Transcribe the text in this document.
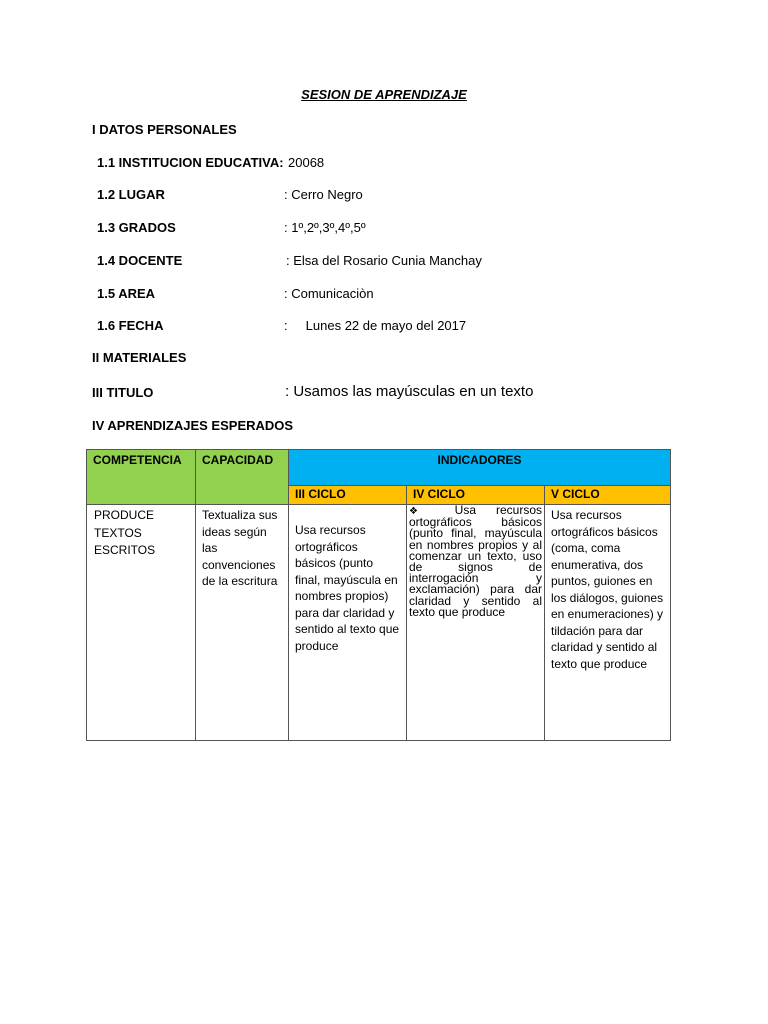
SESION DE APRENDIZAJE
I DATOS PERSONALES
1.1 INSTITUCION EDUCATIVA: 20068
1.2 LUGAR	: Cerro Negro
1.3 GRADOS	: 1º,2º,3º,4º,5º
1.4 DOCENTE	: Elsa del Rosario Cunia Manchay
1.5 AREA	: Comunicaciòn
1.6 FECHA	:     Lunes 22 de mayo del 2017
II MATERIALES
III TITULO	: Usamos las mayúsculas en un texto
IV APRENDIZAJES ESPERADOS
COMPETENCIA	CAPACIDAD	INDICADORES		
		III CICLO	IV CICLO	V CICLO

PRODUCE
TEXTOS
ESCRITOS	Textualiza sus ideas según las convenciones de la escritura	Usa recursos ortográficos básicos (punto final, mayúscula en nombres propios) para dar claridad y sentido al texto que produce	❖ Usa recursos ortográficos básicos (punto final, mayúscula en nombres propios y al comenzar un texto, uso de signos de interrogación y exclamación) para dar claridad y sentido al texto que produce	Usa recursos ortográficos básicos (coma, coma enumerativa, dos puntos, guiones en los diálogos, guiones en enumeraciones) y tildación para dar claridad y sentido al texto que produce
